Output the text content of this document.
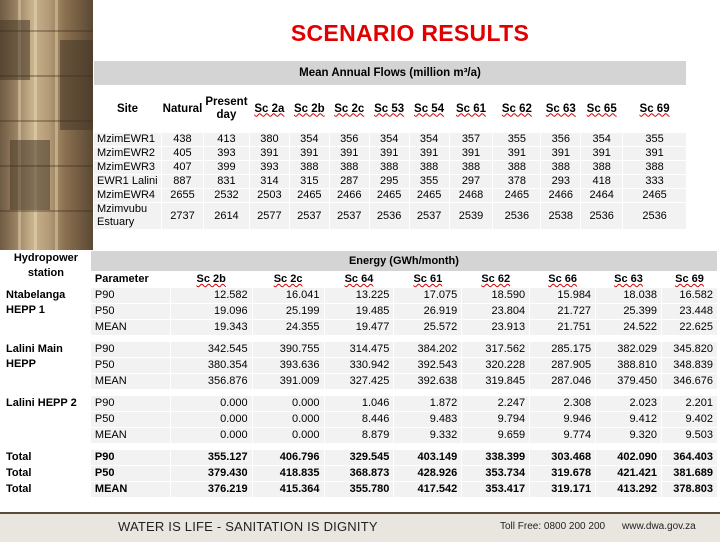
SCENARIO RESULTS
Mean Annual Flows (million m³/a)												
Site	Natural	Present day	Sc 2a	Sc 2b	Sc 2c	Sc 53	Sc 54	Sc 61	Sc 62	Sc 63	Sc 65	Sc 69
MzimEWR1	438	413	380	354	356	354	354	357	355	356	354	355
MzimEWR2	405	393	391	391	391	391	391	391	391	391	391	391
MzimEWR3	407	399	393	388	388	388	388	388	388	388	388	388
EWR1 Lalini	887	831	314	315	287	295	355	297	378	293	418	333
MzimEWR4	2655	2532	2503	2465	2466	2465	2465	2468	2465	2466	2464	2465
Mzimvubu Estuary	2737	2614	2577	2537	2537	2536	2537	2539	2536	2538	2536	2536
Hydropower station	Energy (GWh/month)								
	Parameter	Sc 2b	Sc 2c	Sc 64	Sc 61	Sc 62	Sc 66	Sc 63	Sc 69
Ntabelanga HEPP 1	P90	12.582	16.041	13.225	17.075	18.590	15.984	18.038	16.582
	P50	19.096	25.199	19.485	26.919	23.804	21.727	25.399	23.448
	MEAN	19.343	24.355	19.477	25.572	23.913	21.751	24.522	22.625

Lalini Main HEPP	P90	342.545	390.755	314.475	384.202	317.562	285.175	382.029	345.820
	P50	380.354	393.636	330.942	392.543	320.228	287.905	388.810	348.839
	MEAN	356.876	391.009	327.425	392.638	319.845	287.046	379.450	346.676

Lalini HEPP 2	P90	0.000	0.000	1.046	1.872	2.247	2.308	2.023	2.201
	P50	0.000	0.000	8.446	9.483	9.794	9.946	9.412	9.402
	MEAN	0.000	0.000	8.879	9.332	9.659	9.774	9.320	9.503

Total	P90	355.127	406.796	329.545	403.149	338.399	303.468	402.090	364.403
Total	P50	379.430	418.835	368.873	428.926	353.734	319.678	421.421	381.689
Total	MEAN	376.219	415.364	355.780	417.542	353.417	319.171	413.292	378.803
WATER IS LIFE - SANITATION IS DIGNITY	Toll Free: 0800 200 200 www.dwa.gov.za
